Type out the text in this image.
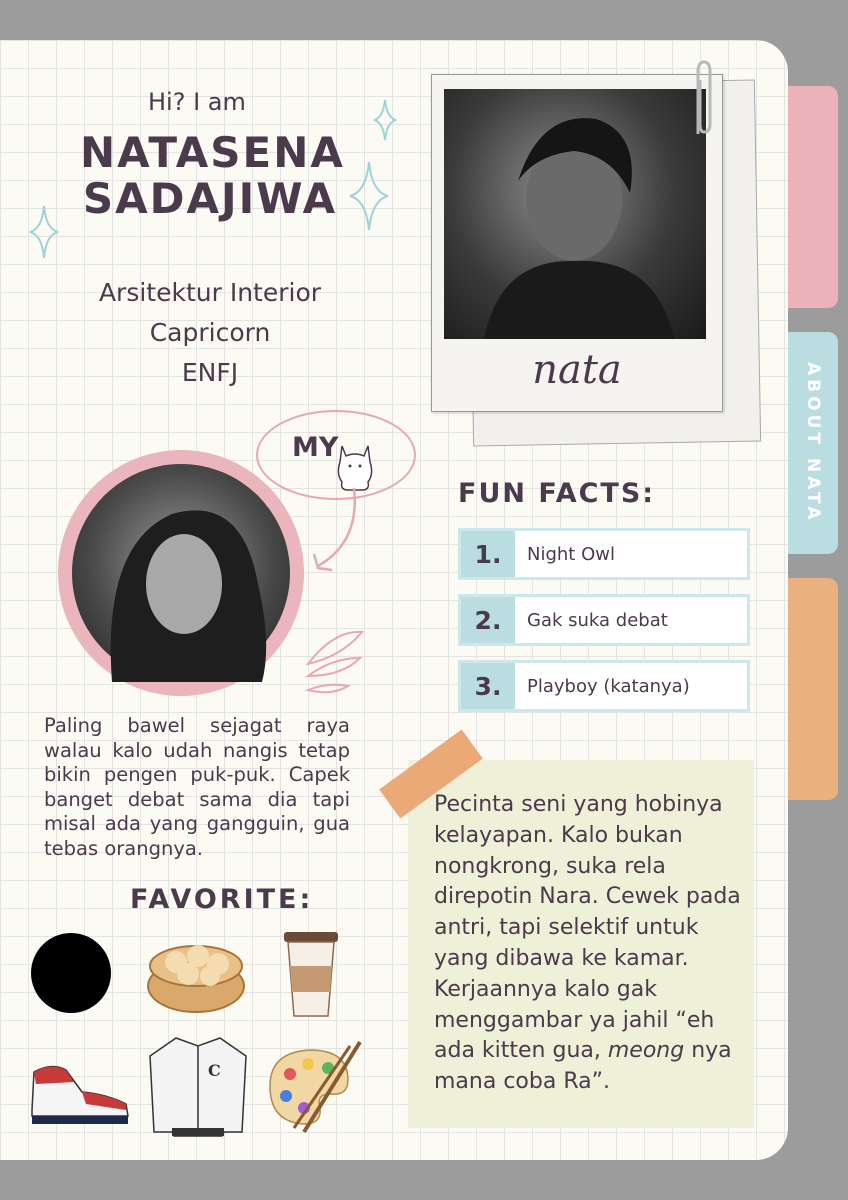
ABOUT NATA
Hi? I am
NATASENA
SADAJIWA
Arsitektur Interior
Capricorn
ENFJ	nata
MY
Paling bawel sejagat raya walau kalo udah nangis tetap bikin pengen puk-puk. Capek banget debat sama dia tapi misal ada yang gangguin, gua tebas orangnya.
FUN FACTS:
1.	Night Owl
2.	Gak suka debat
3.	Playboy (katanya)
Pecinta seni yang hobinya kelayapan. Kalo bukan nongkrong, suka rela direpotin Nara. Cewek pada antri, tapi selektif untuk yang dibawa ke kamar. Kerjaannya kalo gak menggambar ya jahil “eh ada kitten gua, meong nya mana coba Ra”.
FAVORITE:
C
